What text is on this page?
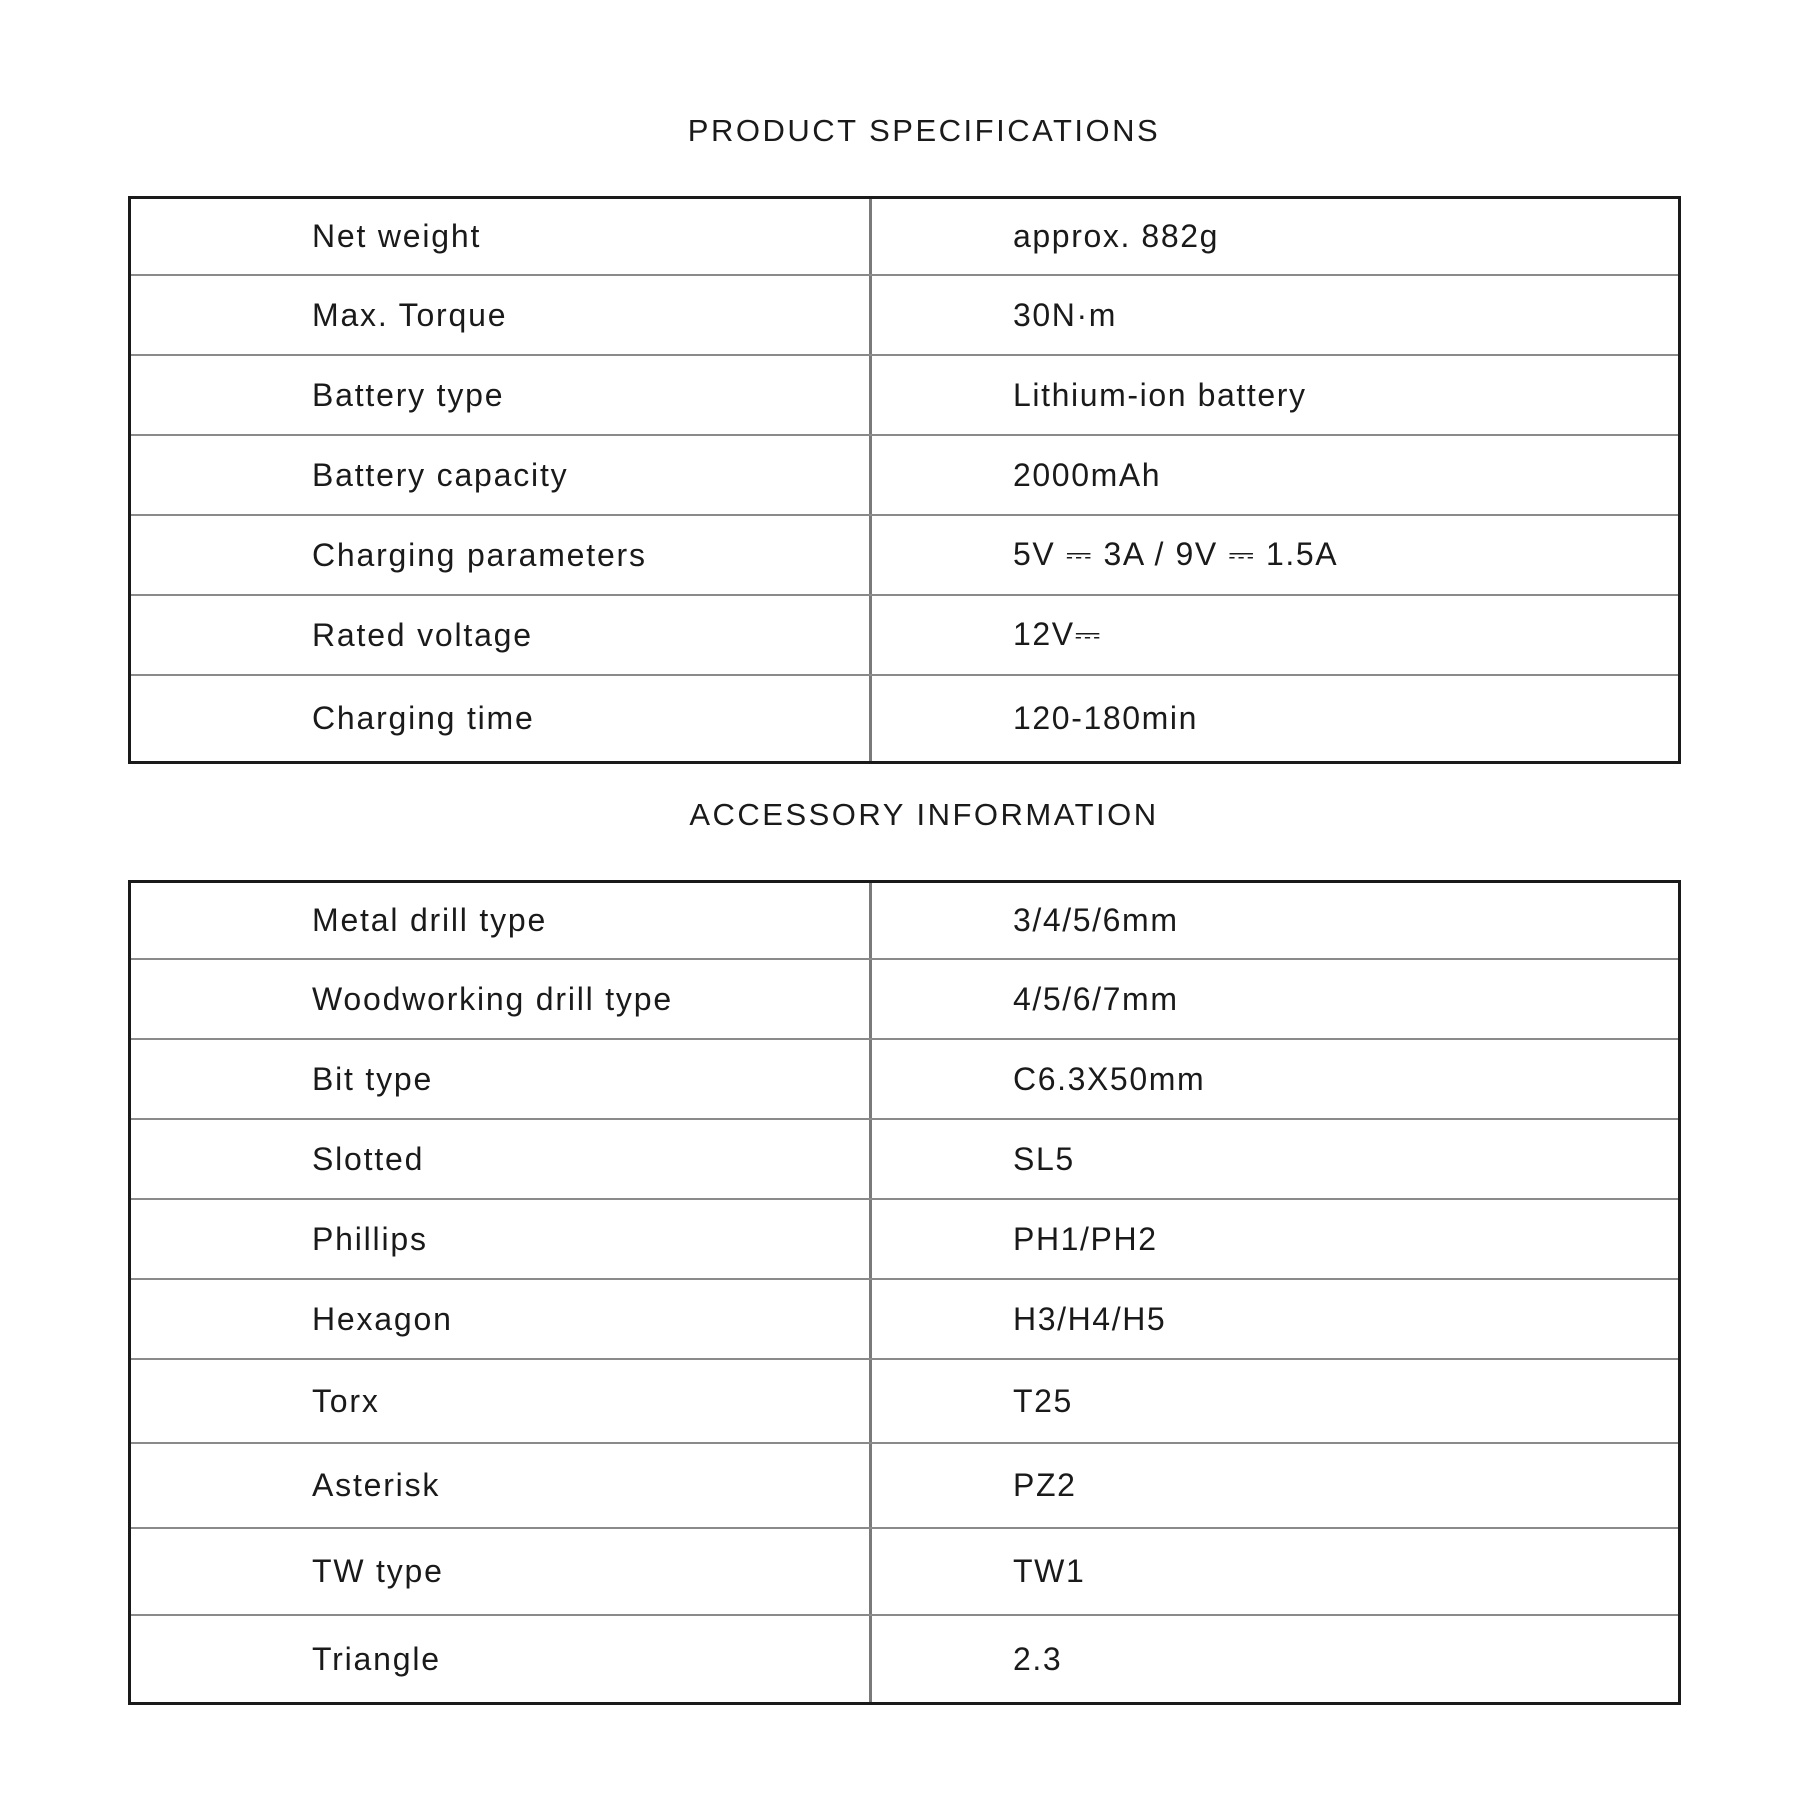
PRODUCT SPECIFICATIONS
Net weight	approx. 882g
Max. Torque	30N·m
Battery type	Lithium-ion battery
Battery capacity	2000mAh
Charging parameters	5V ⎓ 3A / 9V ⎓ 1.5A
Rated voltage	12V⎓
Charging time	120-180min
ACCESSORY INFORMATION
Metal drill type	3/4/5/6mm
Woodworking drill type	4/5/6/7mm
Bit type	C6.3X50mm
Slotted	SL5
Phillips	PH1/PH2
Hexagon	H3/H4/H5
Torx	T25
Asterisk	PZ2
TW type	TW1
Triangle	2.3
